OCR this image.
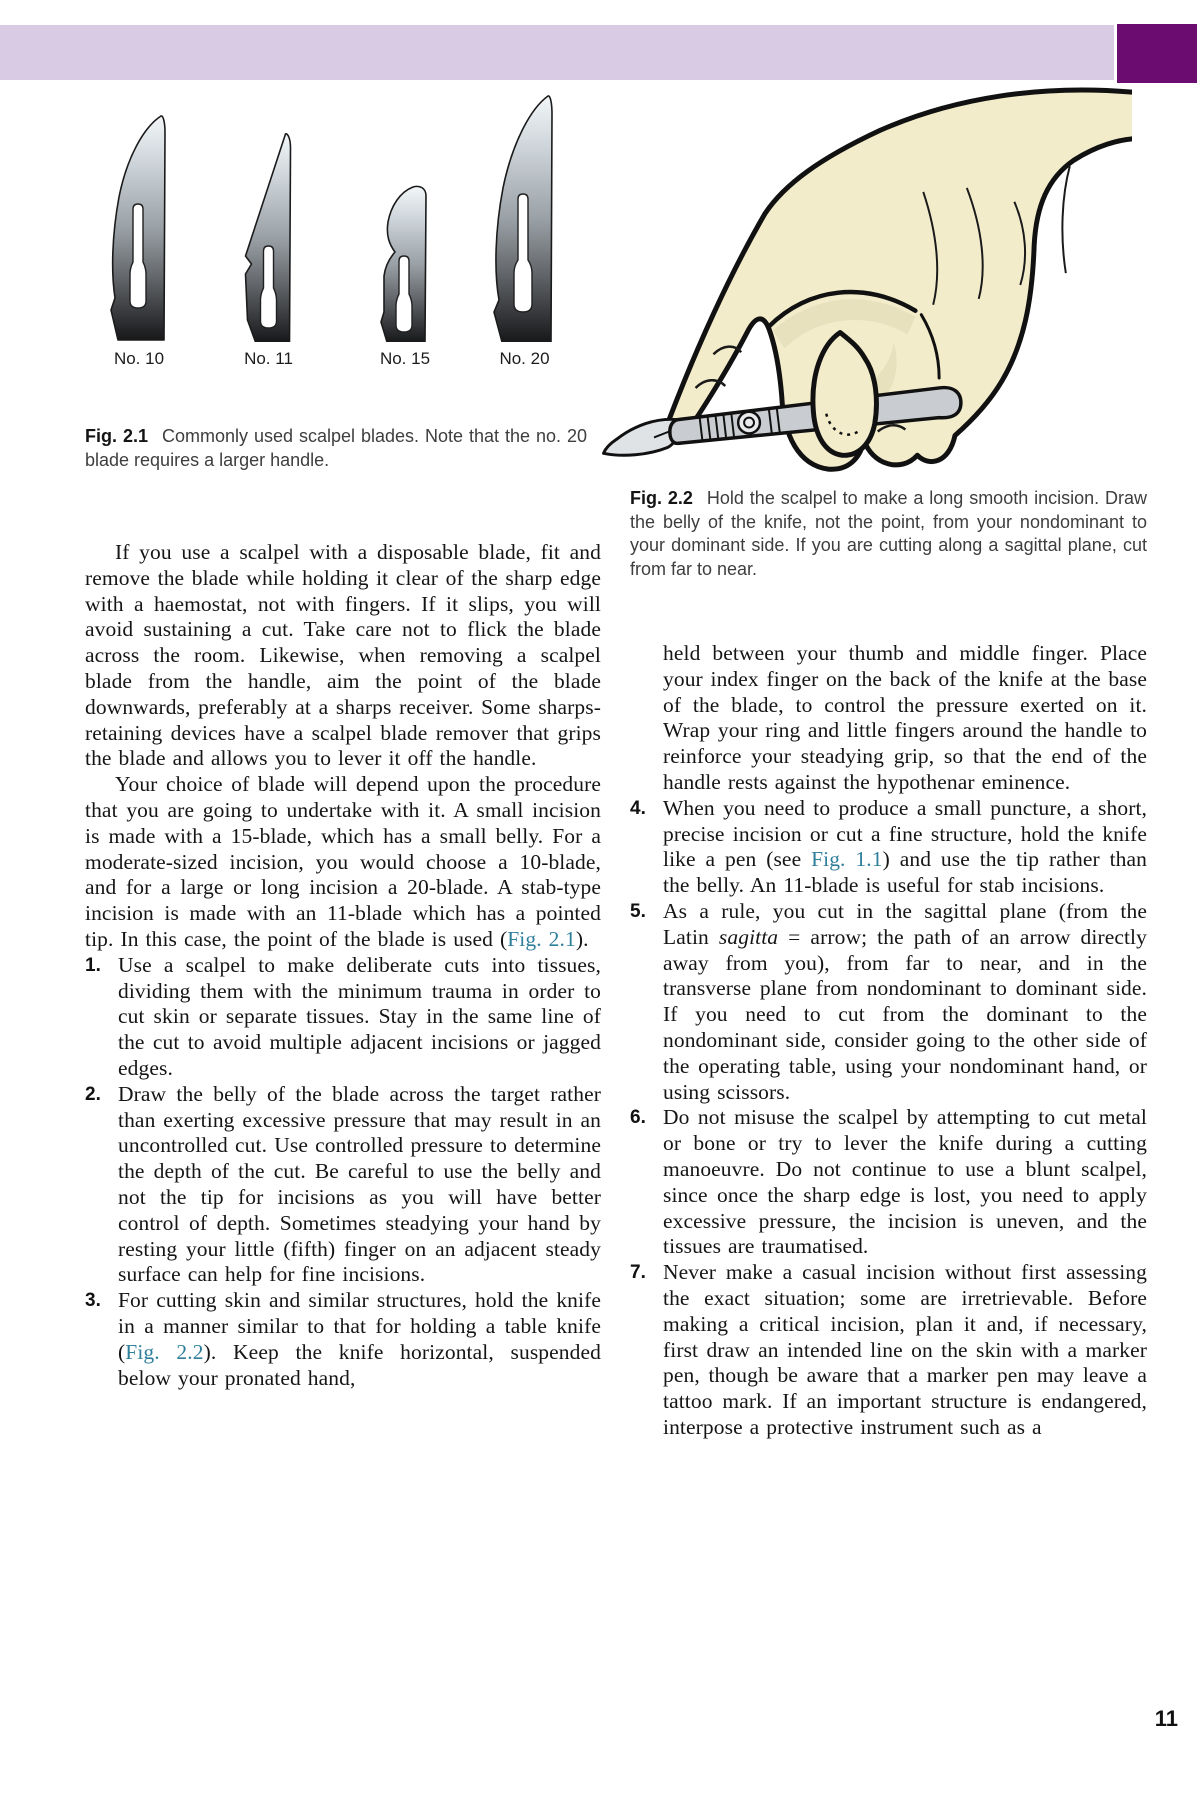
No. 10	No. 11	No. 15	No. 20
Fig. 2.1 Commonly used scalpel blades. Note that the no. 20 blade requires a larger handle.

If you use a scalpel with a disposable blade, fit and remove the blade while holding it clear of the sharp edge with a haemostat, not with fingers. If it slips, you will avoid sustaining a cut. Take care not to flick the blade across the room. Likewise, when removing a scalpel blade from the handle, aim the point of the blade downwards, preferably at a sharps receiver. Some sharps-retaining devices have a scalpel blade remover that grips the blade and allows you to lever it off the handle.

Your choice of blade will depend upon the procedure that you are going to undertake with it. A small incision is made with a 15-blade, which has a small belly. For a moderate-sized incision, you would choose a 10-blade, and for a large or long incision a 20-blade. A stab-type incision is made with an 11-blade which has a pointed tip. In this case, the point of the blade is used (Fig. 2.1).

1. Use a scalpel to make deliberate cuts into tissues, dividing them with the minimum trauma in order to cut skin or separate tissues. Stay in the same line of the cut to avoid multiple adjacent incisions or jagged edges.
2. Draw the belly of the blade across the target rather than exerting excessive pressure that may result in an uncontrolled cut. Use controlled pressure to determine the depth of the cut. Be careful to use the belly and not the tip for incisions as you will have better control of depth. Sometimes steadying your hand by resting your little (fifth) finger on an adjacent steady surface can help for fine incisions.
3. For cutting skin and similar structures, hold the knife in a manner similar to that for holding a table knife (Fig. 2.2). Keep the knife horizontal, suspended below your pronated hand,
Fig. 2.2 Hold the scalpel to make a long smooth incision. Draw the belly of the knife, not the point, from your nondominant to your dominant side. If you are cutting along a sagittal plane, cut from far to near.
held between your thumb and middle finger. Place your index finger on the back of the knife at the base of the blade, to control the pressure exerted on it. Wrap your ring and little fingers around the handle to reinforce your steadying grip, so that the end of the handle rests against the hypothenar eminence.
4. When you need to produce a small puncture, a short, precise incision or cut a fine structure, hold the knife like a pen (see Fig. 1.1) and use the tip rather than the belly. An 11-blade is useful for stab incisions.
5. As a rule, you cut in the sagittal plane (from the Latin sagitta = arrow; the path of an arrow directly away from you), from far to near, and in the transverse plane from nondominant to dominant side. If you need to cut from the dominant to the nondominant side, consider going to the other side of the operating table, using your nondominant hand, or using scissors.
6. Do not misuse the scalpel by attempting to cut metal or bone or try to lever the knife during a cutting manoeuvre. Do not continue to use a blunt scalpel, since once the sharp edge is lost, you need to apply excessive pressure, the incision is uneven, and the tissues are traumatised.
7. Never make a casual incision without first assessing the exact situation; some are irretrievable. Before making a critical incision, plan it and, if necessary, first draw an intended line on the skin with a marker pen, though be aware that a marker pen may leave a tattoo mark. If an important structure is endangered, interpose a protective instrument such as a
11
